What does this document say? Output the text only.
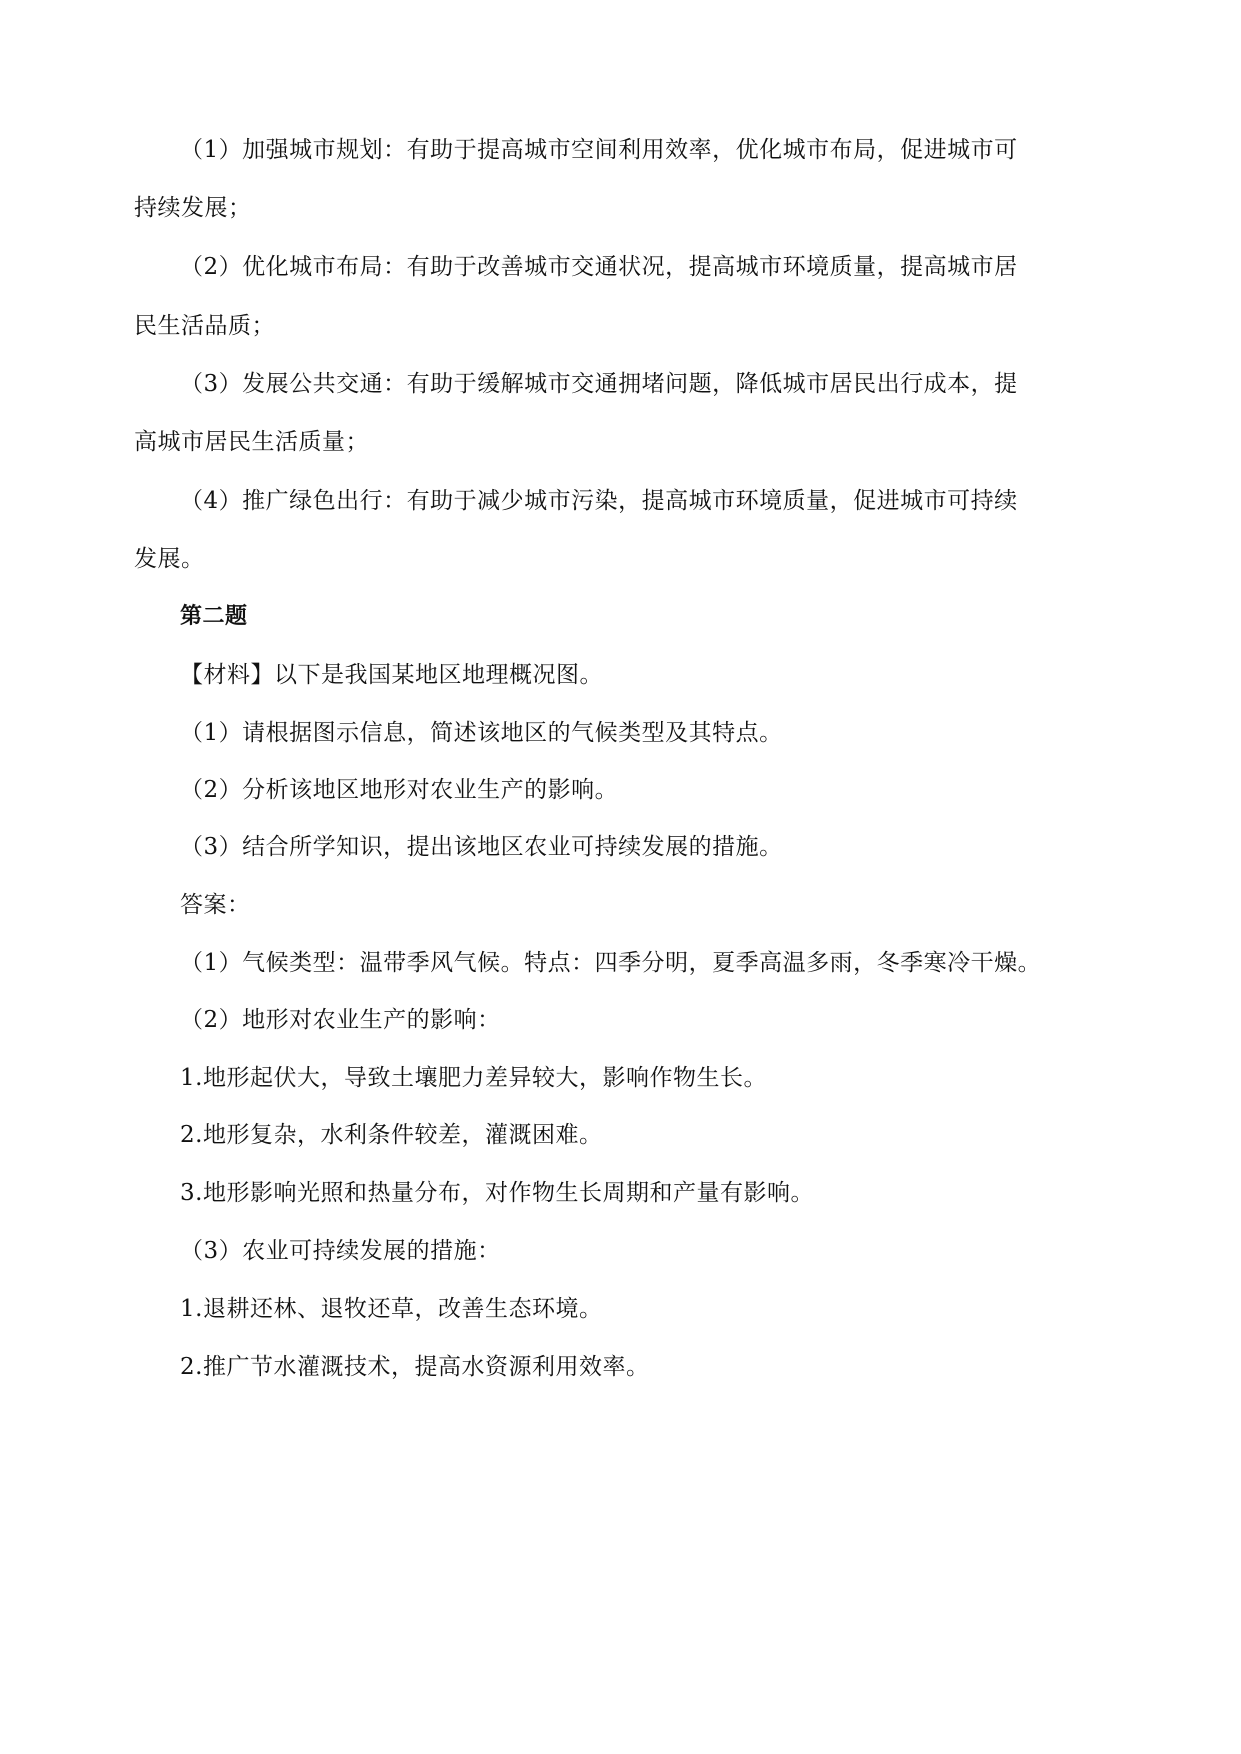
（1）加强城市规划：有助于提高城市空间利用效率，优化城市布局，促进城市可
持续发展；
（2）优化城市布局：有助于改善城市交通状况，提高城市环境质量，提高城市居
民生活品质；
（3）发展公共交通：有助于缓解城市交通拥堵问题，降低城市居民出行成本，提
高城市居民生活质量；
（4）推广绿色出行：有助于减少城市污染，提高城市环境质量，促进城市可持续
发展。
第二题
【材料】以下是我国某地区地理概况图。
（1）请根据图示信息，简述该地区的气候类型及其特点。
（2）分析该地区地形对农业生产的影响。
（3）结合所学知识，提出该地区农业可持续发展的措施。
答案：
（1）气候类型：温带季风气候。特点：四季分明，夏季高温多雨，冬季寒冷干燥。
（2）地形对农业生产的影响：
1.地形起伏大，导致土壤肥力差异较大，影响作物生长。
2.地形复杂，水利条件较差，灌溉困难。
3.地形影响光照和热量分布，对作物生长周期和产量有影响。
（3）农业可持续发展的措施：
1.退耕还林、退牧还草，改善生态环境。
2.推广节水灌溉技术，提高水资源利用效率。
